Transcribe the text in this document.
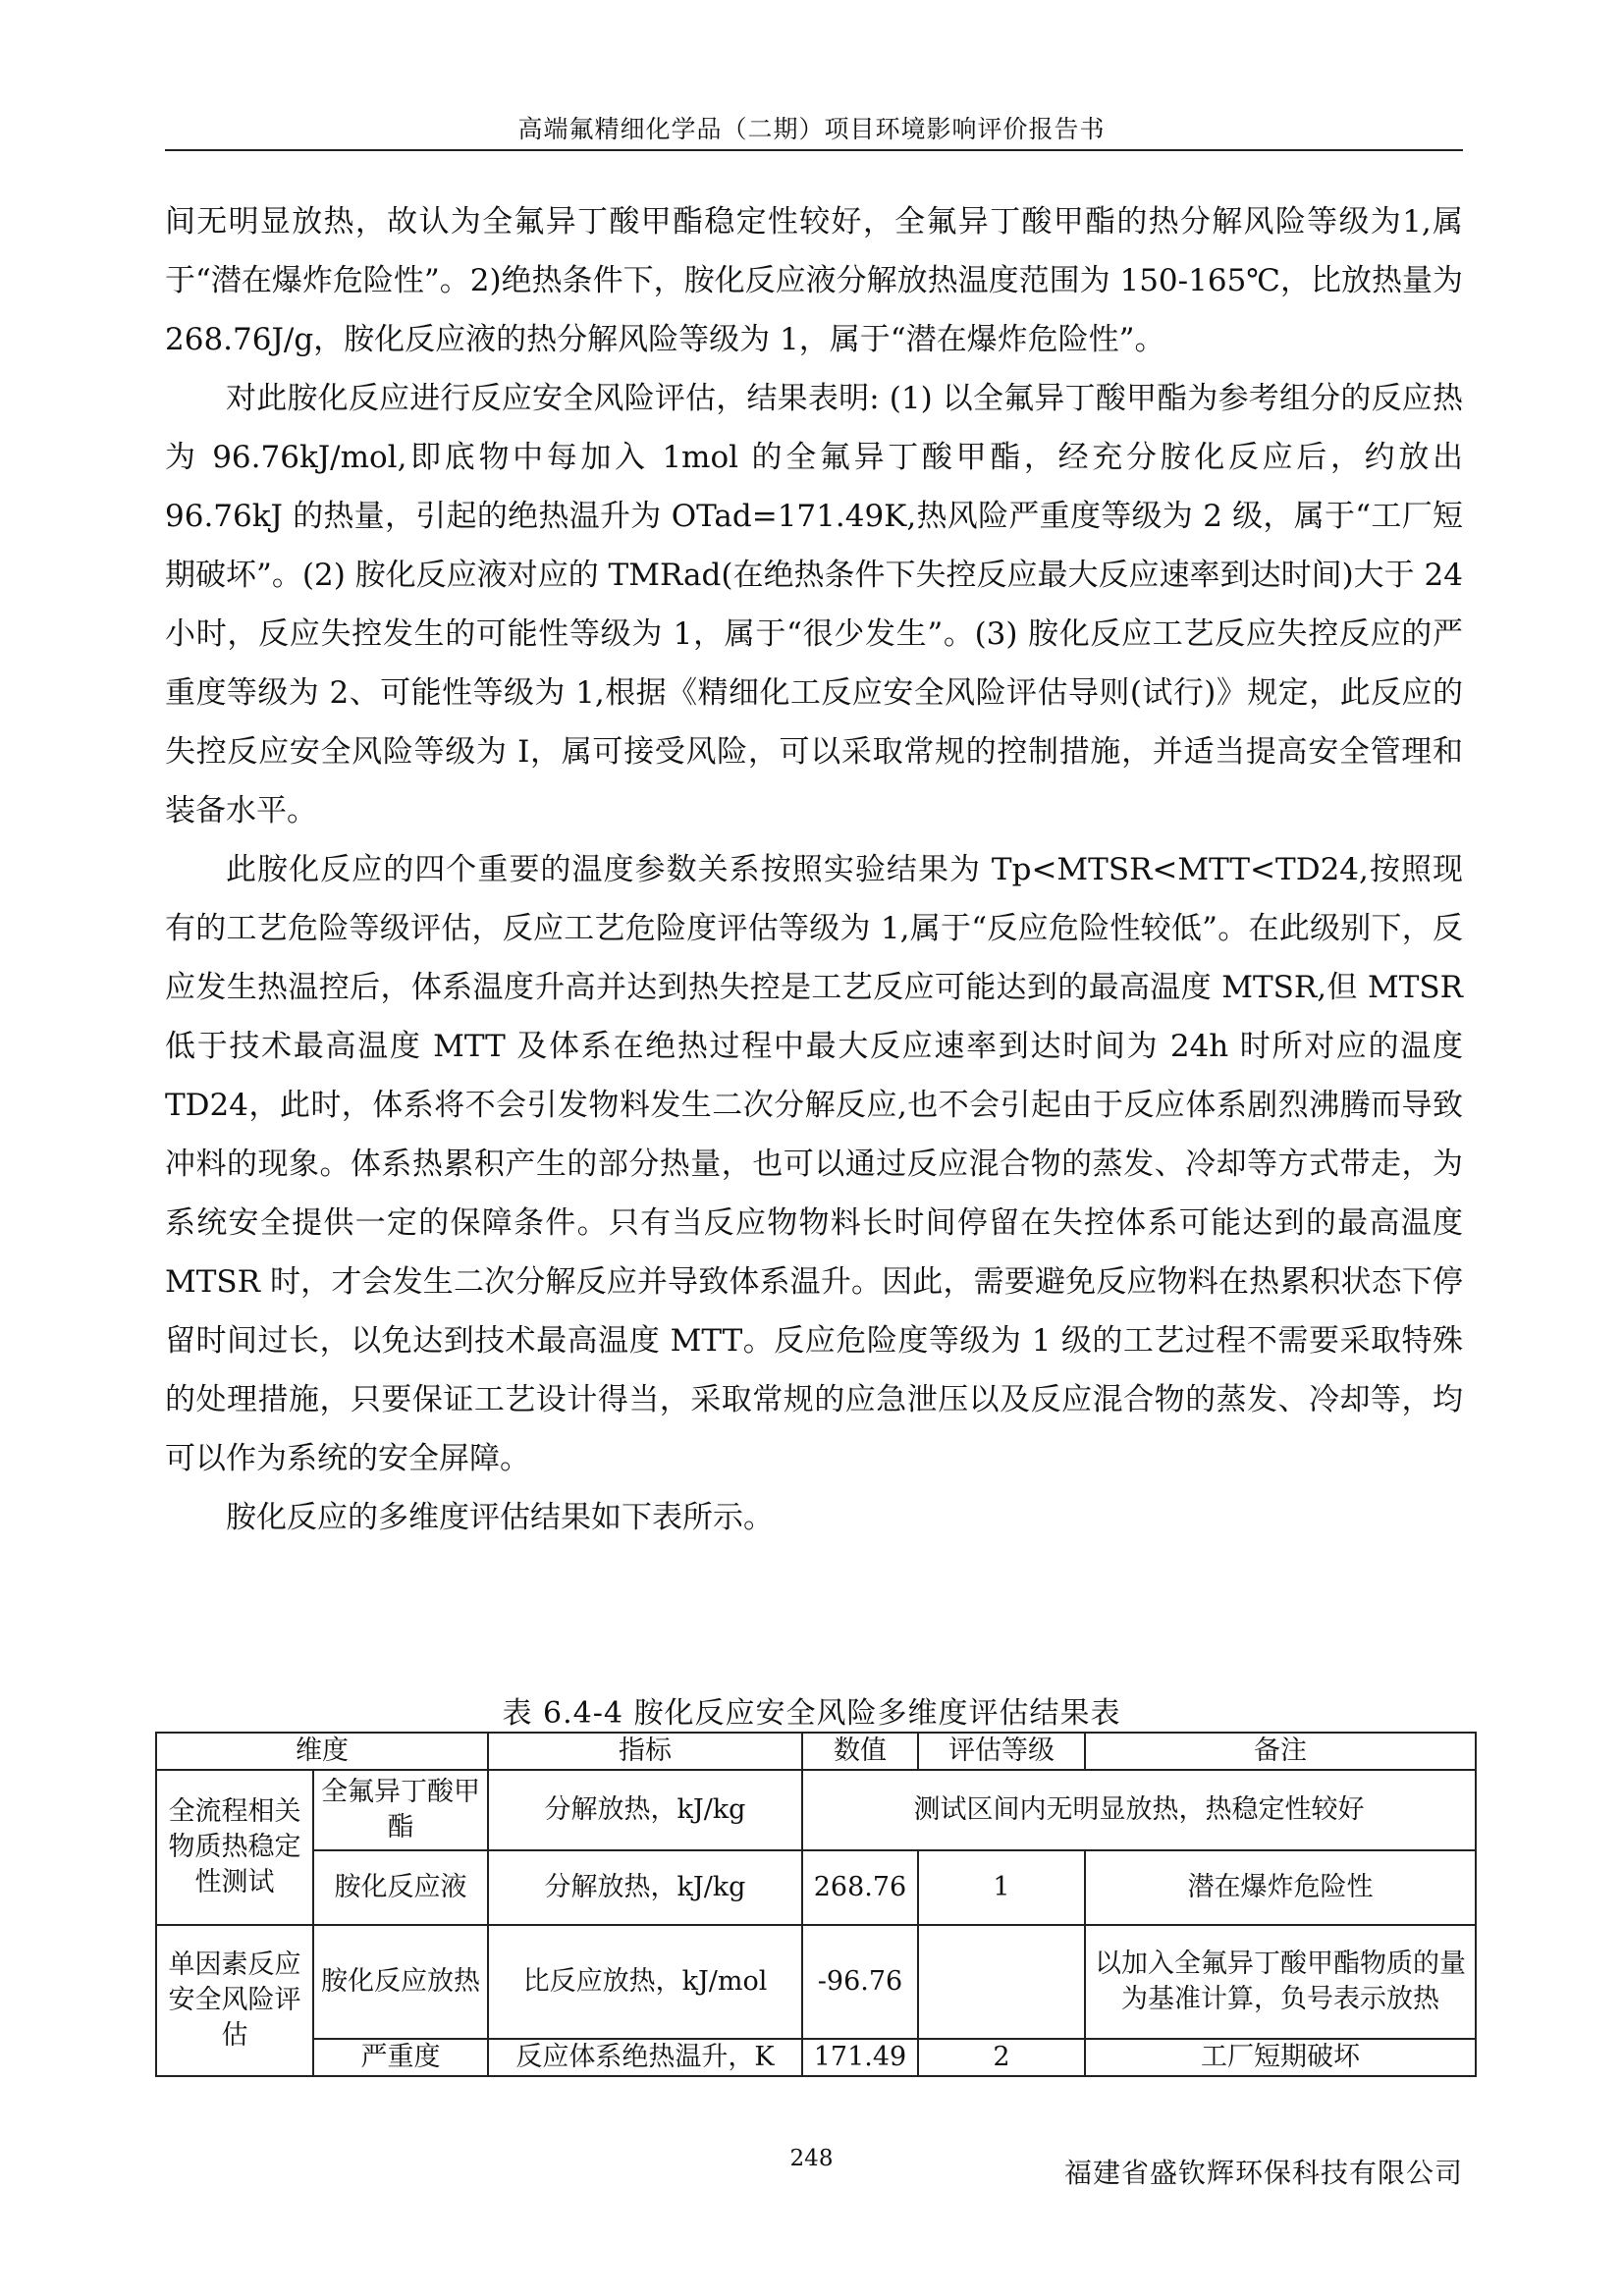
高端氟精细化学品（二期）项目环境影响评价报告书

间无明显放热，故认为全氟异丁酸甲酯稳定性较好，全氟异丁酸甲酯的热分解风险等级为1,属于“潜在爆炸危险性”。2)绝热条件下，胺化反应液分解放热温度范围为 150-165℃，比放热量为 268.76J/g，胺化反应液的热分解风险等级为 1，属于“潜在爆炸危险性”。

对此胺化反应进行反应安全风险评估，结果表明: (1) 以全氟异丁酸甲酯为参考组分的反应热为 96.76kJ/mol,即底物中每加入 1mol 的全氟异丁酸甲酯，经充分胺化反应后，约放出 96.76kJ 的热量，引起的绝热温升为 OTad=171.49K,热风险严重度等级为 2 级，属于“工厂短期破坏”。(2) 胺化反应液对应的 TMRad(在绝热条件下失控反应最大反应速率到达时间)大于 24 小时，反应失控发生的可能性等级为 1，属于“很少发生”。(3) 胺化反应工艺反应失控反应的严重度等级为 2、可能性等级为 1,根据《精细化工反应安全风险评估导则(试行)》规定，此反应的失控反应安全风险等级为 I，属可接受风险，可以采取常规的控制措施，并适当提高安全管理和装备水平。

此胺化反应的四个重要的温度参数关系按照实验结果为 Tp<MTSR<MTT<TD24,按照现有的工艺危险等级评估，反应工艺危险度评估等级为 1,属于“反应危险性较低”。在此级别下，反应发生热温控后，体系温度升高并达到热失控是工艺反应可能达到的最高温度 MTSR,但 MTSR 低于技术最高温度 MTT 及体系在绝热过程中最大反应速率到达时间为 24h 时所对应的温度 TD24，此时，体系将不会引发物料发生二次分解反应,也不会引起由于反应体系剧烈沸腾而导致冲料的现象。体系热累积产生的部分热量，也可以通过反应混合物的蒸发、冷却等方式带走，为系统安全提供一定的保障条件。只有当反应物物料长时间停留在失控体系可能达到的最高温度 MTSR 时，才会发生二次分解反应并导致体系温升。因此，需要避免反应物料在热累积状态下停留时间过长，以免达到技术最高温度 MTT。反应危险度等级为 1 级的工艺过程不需要采取特殊的处理措施，只要保证工艺设计得当，采取常规的应急泄压以及反应混合物的蒸发、冷却等，均可以作为系统的安全屏障。

胺化反应的多维度评估结果如下表所示。

表 6.4-4 胺化反应安全风险多维度评估结果表
维度		指标	数值	评估等级	备注
全流程相关物质热稳定性测试	全氟异丁酸甲酯	分解放热，kJ/kg	测试区间内无明显放热，热稳定性较好		
	胺化反应液	分解放热，kJ/kg	268.76	1	潜在爆炸危险性
单因素反应安全风险评估	胺化反应放热	比反应放热，kJ/mol	-96.76		以加入全氟异丁酸甲酯物质的量为基准计算，负号表示放热
	严重度	反应体系绝热温升，K	171.49	2	工厂短期破坏
248	福建省盛钦辉环保科技有限公司
